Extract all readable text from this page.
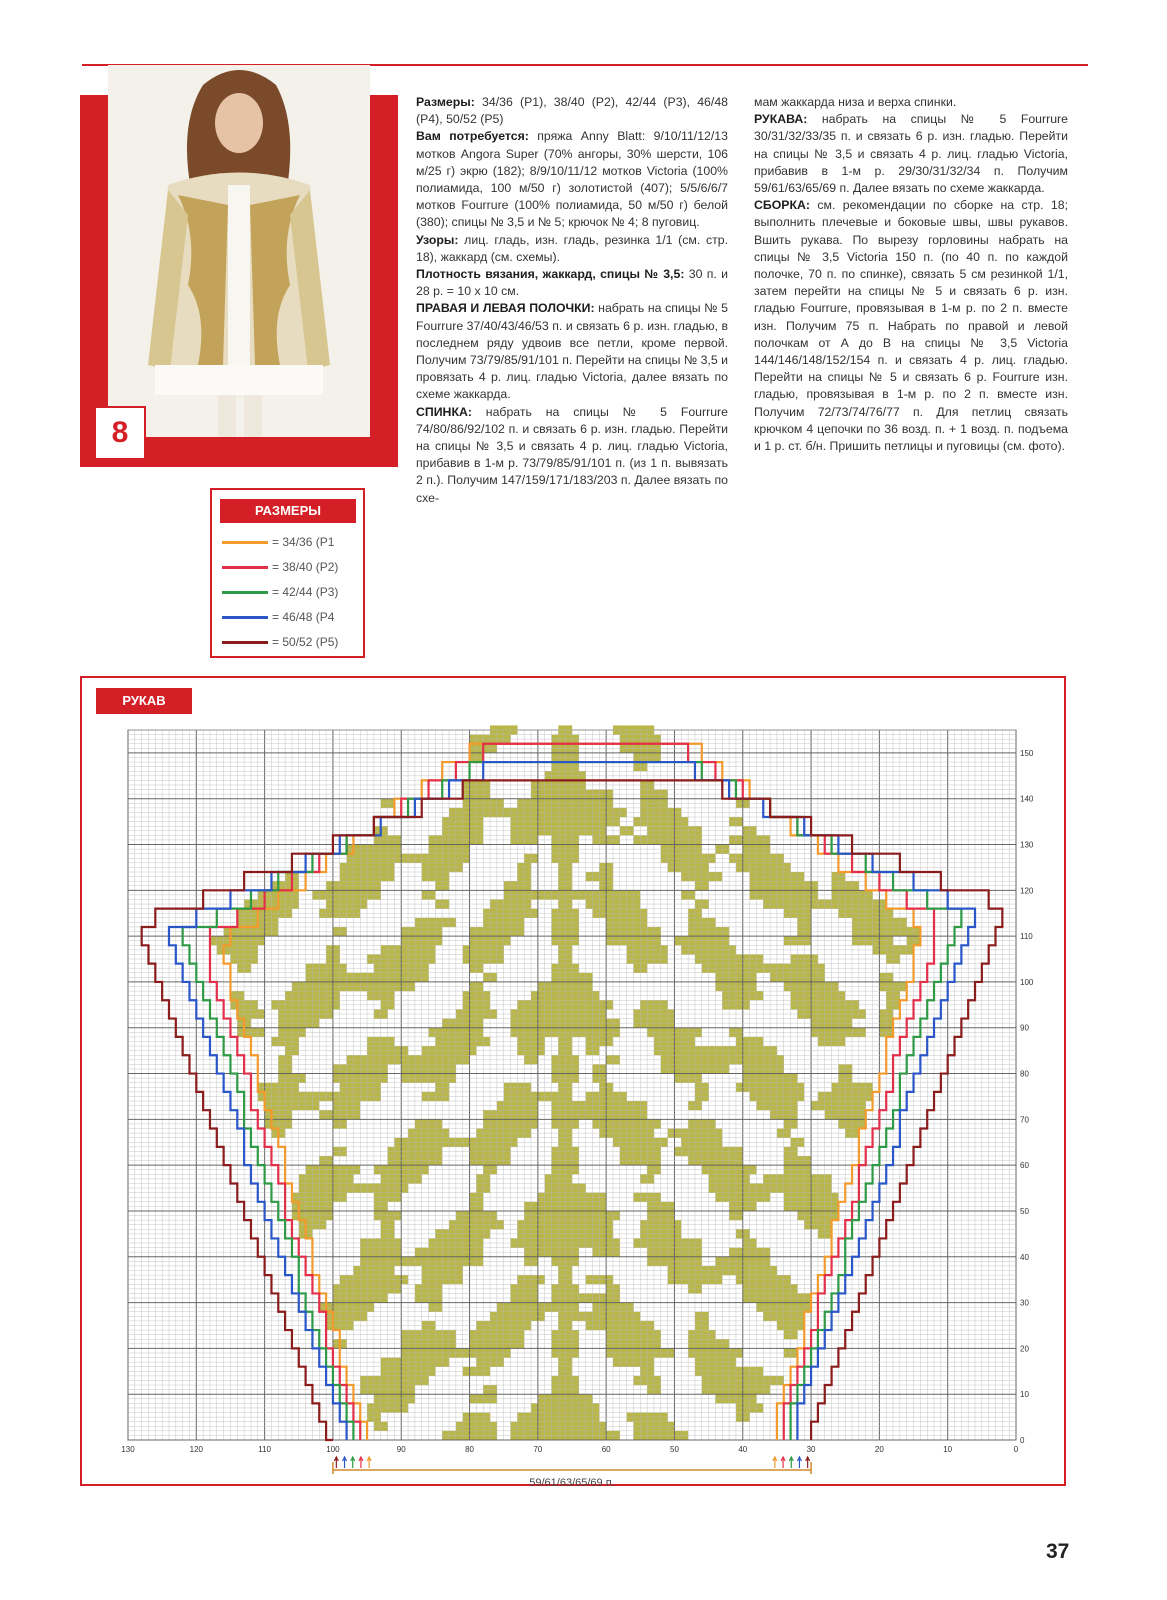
8

Размеры: 34/36 (Р1), 38/40 (Р2), 42/44 (Р3), 46/48 (Р4), 50/52 (Р5)

Вам потребуется: пряжа Anny Blatt: 9/10/11/12/13 мотков Angora Super (70% ангоры, 30% шерсти, 106 м/25 г) экрю (182); 8/9/10/11/12 мотков Victoria (100% полиамида, 100 м/50 г) золотистой (407); 5/5/6/6/7 мотков Fourrure (100% полиамида, 50 м/50 г) белой (380); спицы № 3,5 и № 5; крючок № 4; 8 пуговиц.

Узоры: лиц. гладь, изн. гладь, резинка 1/1 (см. стр. 18), жаккард (см. схемы).

Плотность вязания, жаккард, спицы № 3,5: 30 п. и 28 р. = 10 х 10 см.

ПРАВАЯ И ЛЕВАЯ ПОЛОЧКИ: набрать на спицы № 5 Fourrure 37/40/43/46/53 п. и связать 6 р. изн. гладью, в последнем ряду удвоив все петли, кроме первой. Получим 73/79/85/91/101 п. Перейти на спицы № 3,5 и провязать 4 р. лиц. гладью Victoria, далее вязать по схеме жаккарда.

СПИНКА: набрать на спицы № 5 Fourrure 74/80/86/92/102 п. и связать 6 р. изн. гладью. Перейти на спицы № 3,5 и связать 4 р. лиц. гладью Victoria, прибавив в 1-м р. 73/79/85/91/101 п. (из 1 п. вывязать 2 п.). Получим 147/159/171/183/203 п. Далее вязать по схе-

мам жаккарда низа и верха спинки.

РУКАВА: набрать на спицы № 5 Fourrure 30/31/32/33/35 п. и связать 6 р. изн. гладью. Перейти на спицы № 3,5 и связать 4 р. лиц. гладью Victoria, прибавив в 1-м р. 29/30/31/32/34 п. Получим 59/61/63/65/69 п. Далее вязать по схеме жаккарда.

СБОРКА: см. рекомендации по сборке на стр. 18; выполнить плечевые и боковые швы, швы рукавов. Вшить рукава. По вырезу горловины набрать на спицы № 3,5 Victoria 150 п. (по 40 п. по каждой полочке, 70 п. по спинке), связать 5 см резинкой 1/1, затем перейти на спицы № 5 и связать 6 р. изн. гладью Fourrure, провязывая в 1-м р. по 2 п. вместе изн. Получим 75 п. Набрать по правой и левой полочкам от А до В на спицы № 3,5 Victoria 144/146/148/152/154 п. и связать 4 р. лиц. гладью. Перейти на спицы № 5 и связать 6 р. Fourrure изн. гладью, провязывая в 1-м р. по 2 п. вместе изн. Получим 72/73/74/76/77 п. Для петлиц связать крючком 4 цепочки по 36 возд. п. + 1 возд. п. подъема и 1 р. ст. б/н. Пришить петлицы и пуговицы (см. фото).

РАЗМЕРЫ
= 34/36 (Р1
= 38/40 (Р2)
= 42/44 (Р3)
= 46/48 (Р4
= 50/52 (Р5)
РУКАВ
130	120	110	100	90	80	70	60	50	40	30	20	10	0
0
10
20
30
40
50
60
70
80
90
100
110
120
130
140
150
59/61/63/65/69 п.
37
